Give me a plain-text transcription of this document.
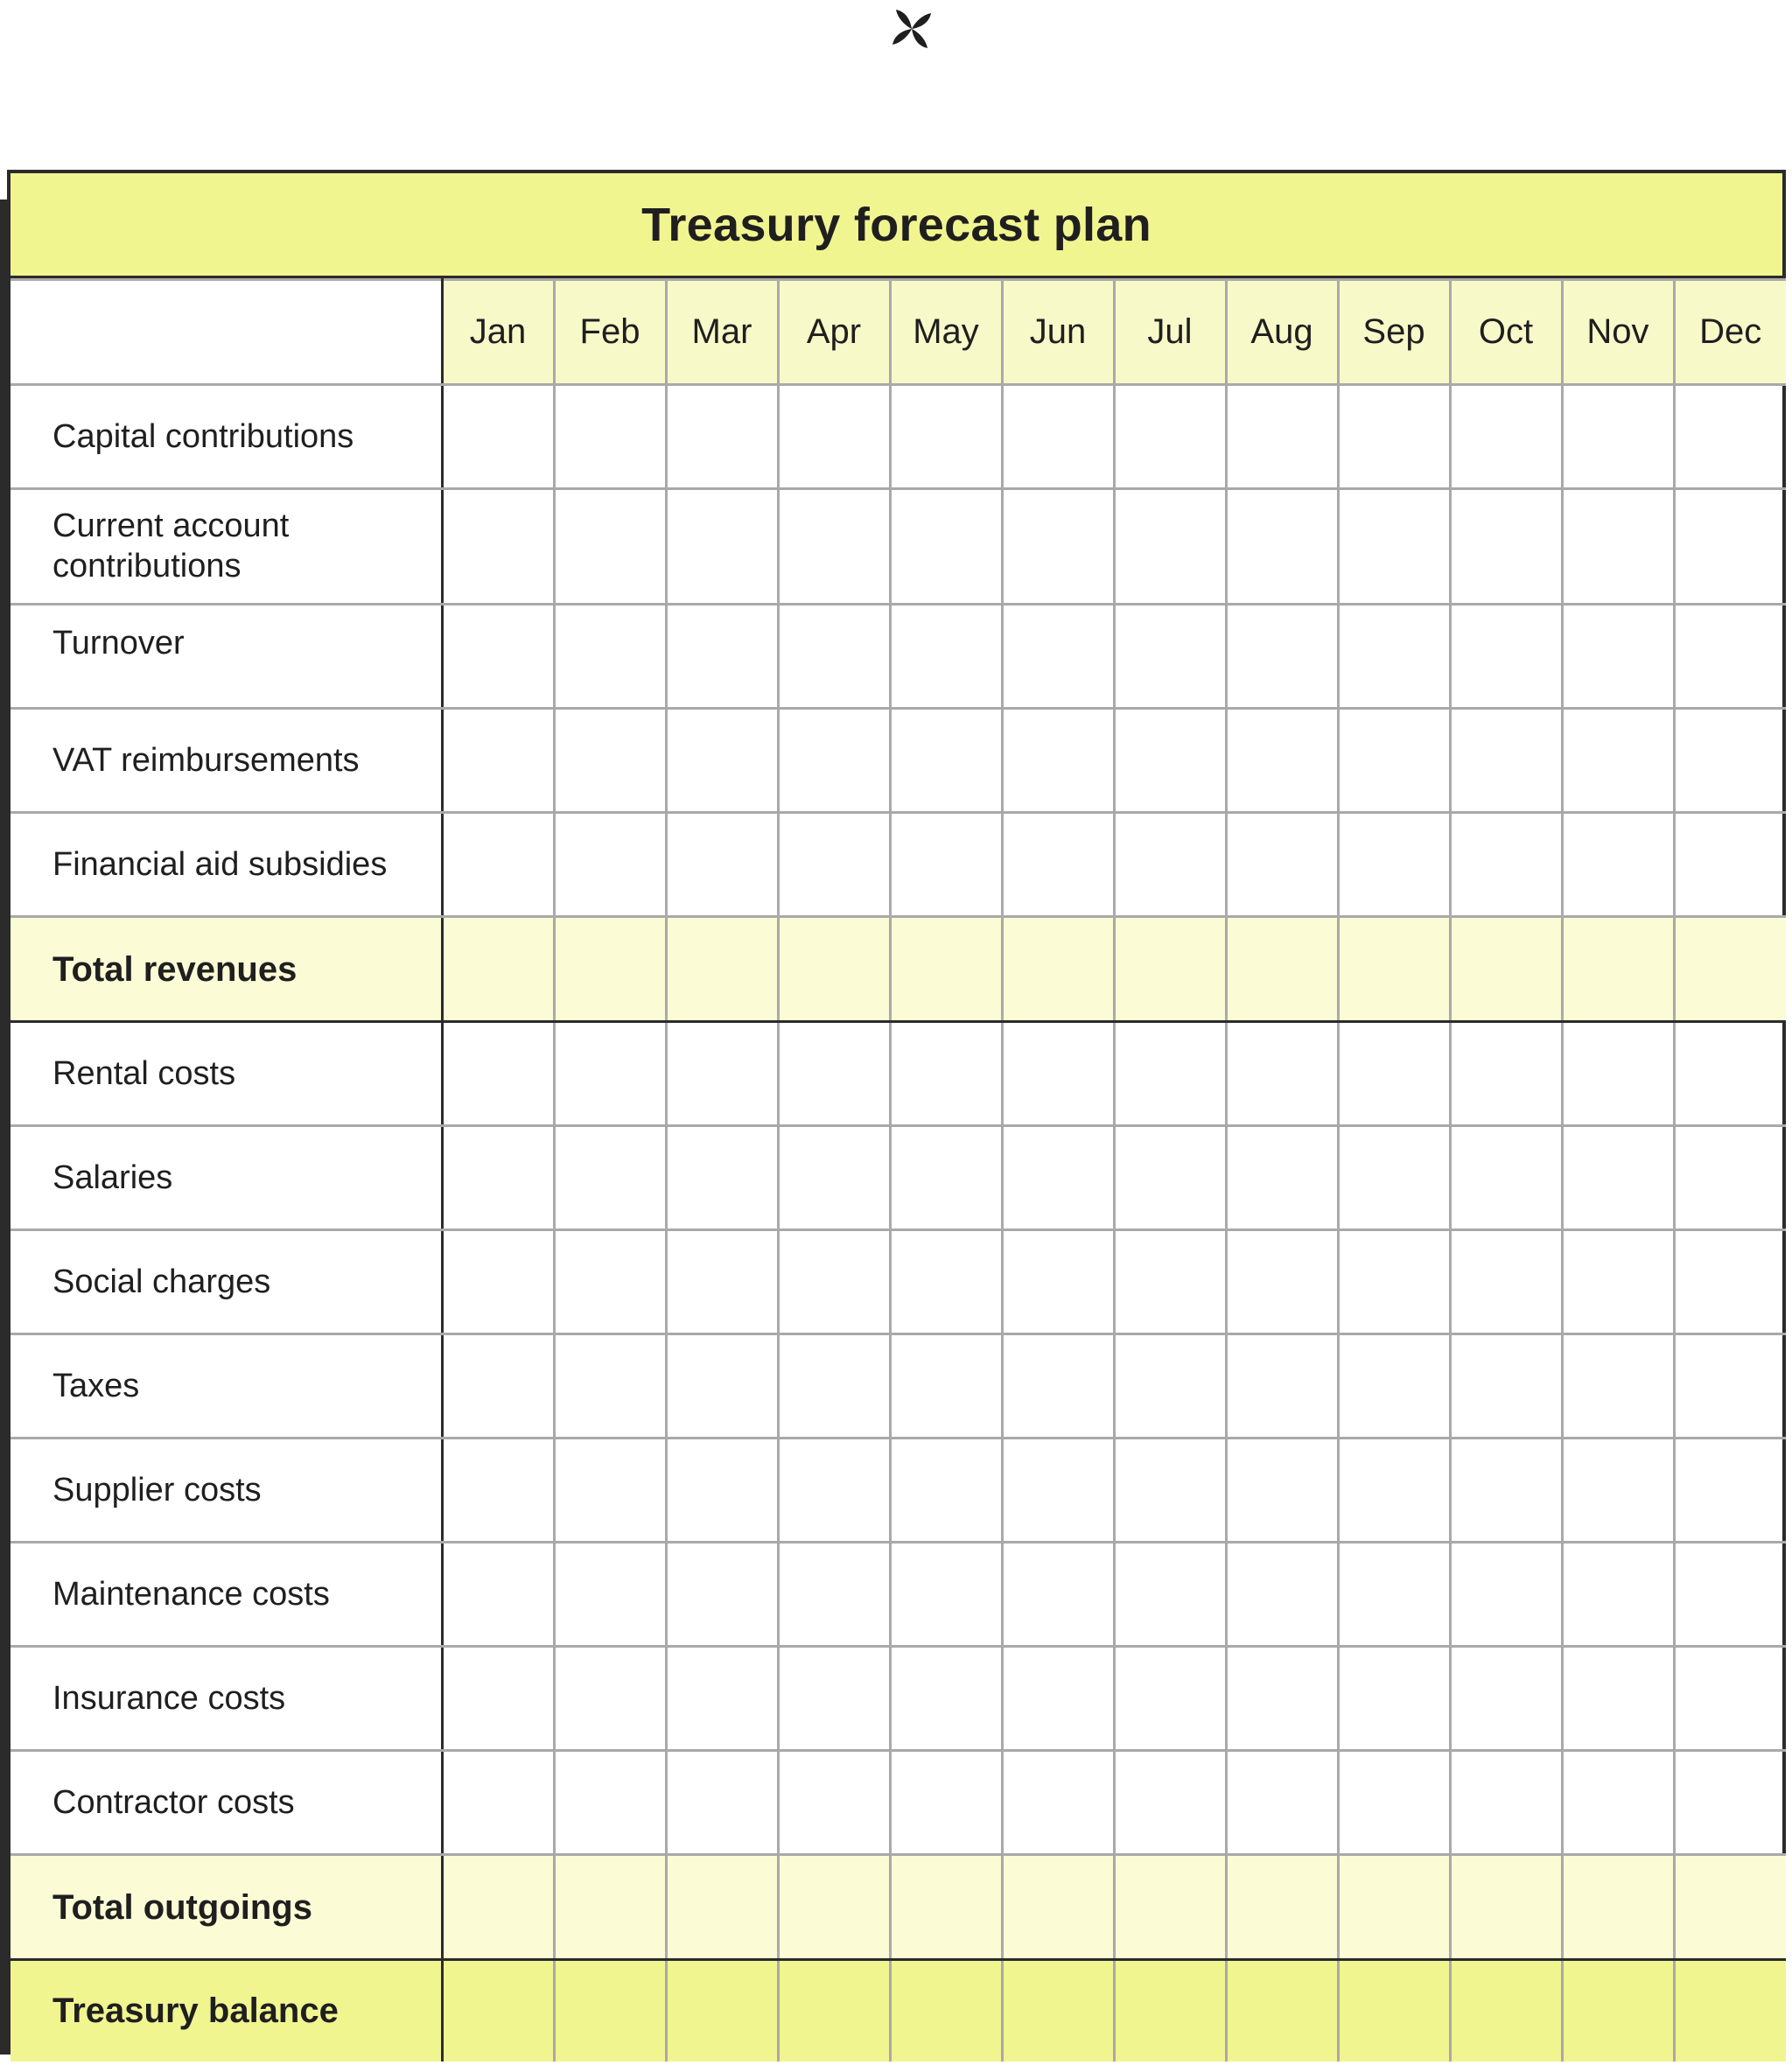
Treasury forecast plan
	Jan	Feb	Mar	Apr	May	Jun	Jul	Aug	Sep	Oct	Nov	Dec
Capital contributions												
Current account
contributions												
Turnover												
VAT reimbursements												
Financial aid subsidies												
Total revenues												
Rental costs												
Salaries												
Social charges												
Taxes												
Supplier costs												
Maintenance costs												
Insurance costs												
Contractor costs												
Total outgoings												
Treasury balance												
